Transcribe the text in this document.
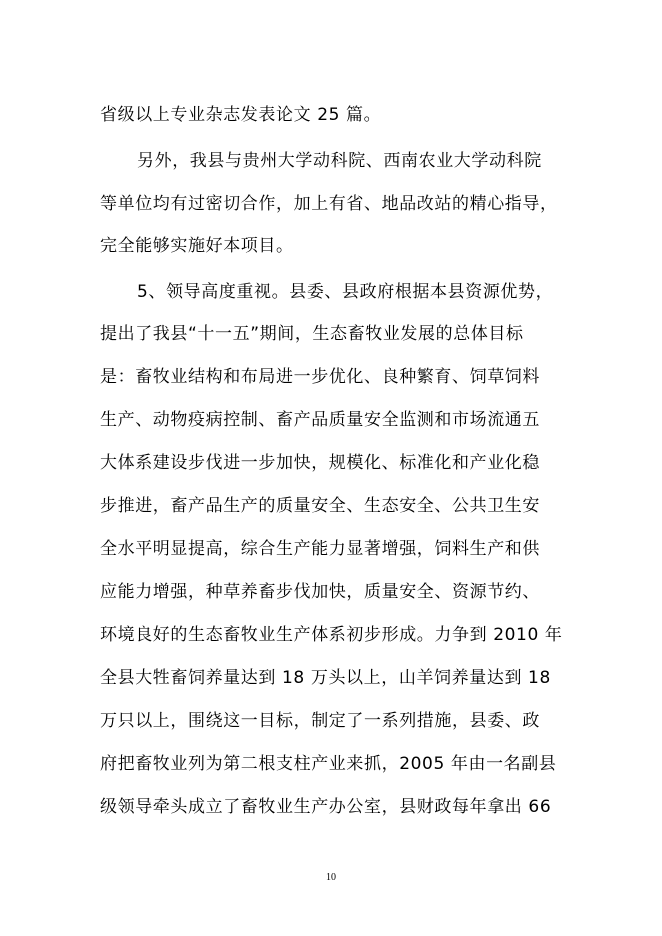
省级以上专业杂志发表论文 25 篇。
另外，我县与贵州大学动科院、西南农业大学动科院
等单位均有过密切合作，加上有省、地品改站的精心指导，
完全能够实施好本项目。
5、领导高度重视。县委、县政府根据本县资源优势，
提出了我县“十一五”期间，生态畜牧业发展的总体目标
是：畜牧业结构和布局进一步优化、良种繁育、饲草饲料
生产、动物疫病控制、畜产品质量安全监测和市场流通五
大体系建设步伐进一步加快，规模化、标准化和产业化稳
步推进，畜产品生产的质量安全、生态安全、公共卫生安
全水平明显提高，综合生产能力显著增强，饲料生产和供
应能力增强，种草养畜步伐加快，质量安全、资源节约、
环境良好的生态畜牧业生产体系初步形成。力争到 2010 年
全县大牲畜饲养量达到 18 万头以上，山羊饲养量达到 18
万只以上，围绕这一目标，制定了一系列措施，县委、政
府把畜牧业列为第二根支柱产业来抓，2005 年由一名副县
级领导牵头成立了畜牧业生产办公室，县财政每年拿出 66
10
